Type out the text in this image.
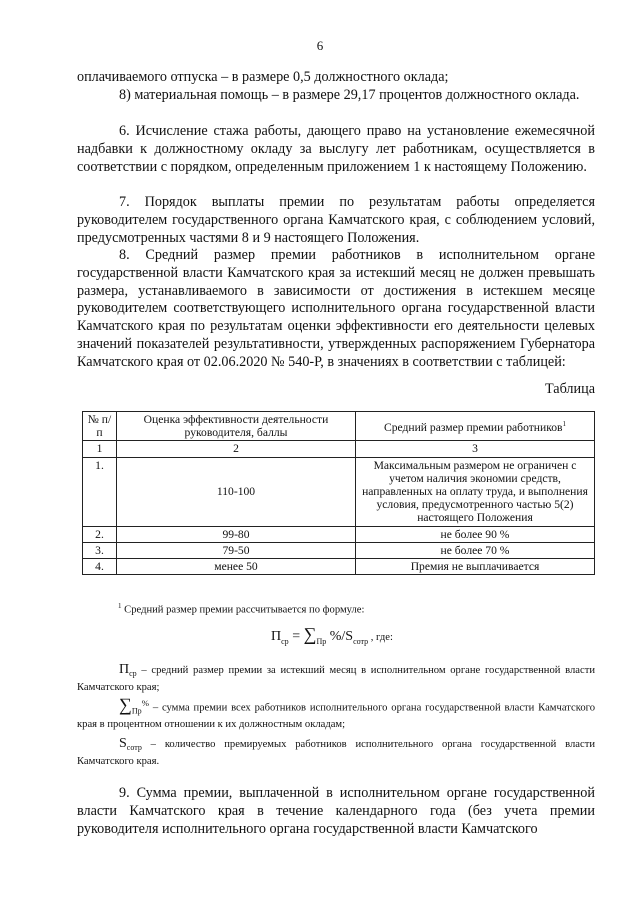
6
оплачиваемого отпуска – в размере 0,5 должностного оклада;
8) материальная помощь – в размере 29,17 процентов должностного оклада.
6. Исчисление стажа работы, дающего право на установление ежемесячной надбавки к должностному окладу за выслугу лет работникам, осуществляется в соответствии с порядком, определенным приложением 1 к настоящему Положению.
7. Порядок выплаты премии по результатам работы определяется руководителем государственного органа Камчатского края, с соблюдением условий, предусмотренных частями 8 и 9 настоящего Положения.
8. Средний размер премии работников в исполнительном органе государственной власти Камчатского края за истекший месяц не должен превышать размера, устанавливаемого в зависимости от достижения в истекшем месяце руководителем соответствующего исполнительного органа государственной власти Камчатского края по результатам оценки эффективности его деятельности целевых значений показателей результативности, утвержденных распоряжением Губернатора Камчатского края от 02.06.2020 № 540-Р, в значениях в соответствии с таблицей:
Таблица
№ п/п	Оценка эффективности деятельности руководителя, баллы	Средний размер премии работников$^1$
1	2	3
1.	110-100	Максимальным размером не ограничен с учетом наличия экономии средств, направленных на оплату труда, и выполнения условия, предусмотренного частью 5(2) настоящего Положения
2.	99-80	не более 90 %
3.	79-50	не более 70 %
4.	менее 50	Премия не выплачивается
$^1$ Средний размер премии рассчитывается по формуле:
$П_{ср} = \sum_{Пр}$ $\%/S_{сотр}$ , где:
$П_{ср}$ – средний размер премии за истекший месяц в исполнительном органе государственной власти Камчатского края;
$\sum_{Пр}^{\%}$ – сумма премии всех работников исполнительного органа государственной власти Камчатского края в процентном отношении к их должностным окладам;
$S_{сотр}$ – количество премируемых работников исполнительного органа государственной власти Камчатского края.
9. Сумма премии, выплаченной в исполнительном органе государственной власти Камчатского края в течение календарного года (без учета премии руководителя исполнительного органа государственной власти Камчатского
